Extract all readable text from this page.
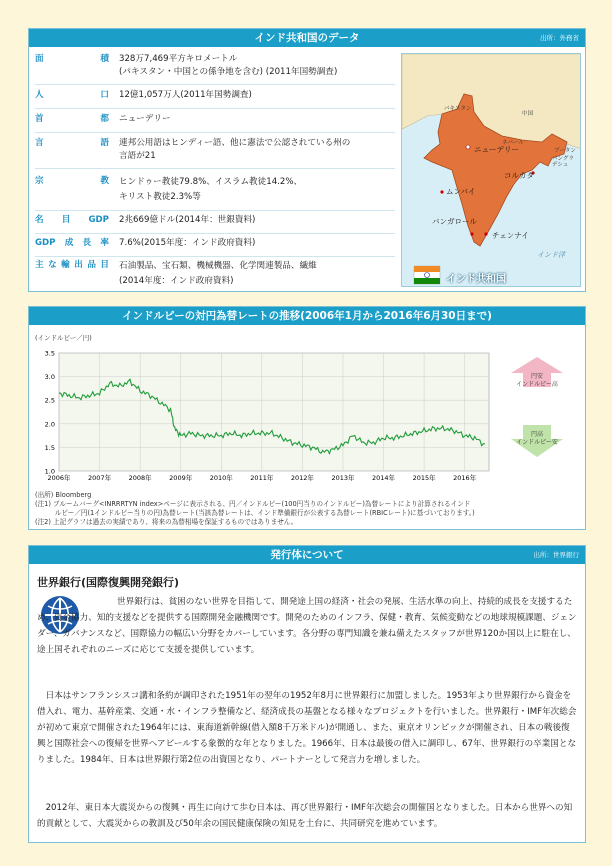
インド共和国のデータ	出所：外務省
面積 328万7,469平方キロメートル
(パキスタン・中国との係争地を含む) (2011年国勢調査)
人口 12億1,057万人(2011年国勢調査)
首都 ニューデリー
言語 連邦公用語はヒンディー語、他に憲法で公認されている州の
言語が21
宗教 ヒンドゥー教徒79.8%、イスラム教徒14.2%、
キリスト教徒2.3%等
名目GDP 2兆669億ドル(2014年：世銀資料)
GDP成長率 7.6%(2015年度：インド政府資料)
主な輸出品目 石油製品、宝石類、機械機器、化学関連製品、繊維
(2014年度：インド政府資料)
パキスタン
中国
ネパール
ブータン
バングラデシュ
ニューデリー
コルカタ
ムンバイ
バンガロール
チェンナイ
インド洋
インド共和国
インドルピーの対円為替レートの推移(2006年1月から2016年6月30日まで)
(インドルピー／円)
3.5
3.0
2.5
2.0
1.5
1.0
2006年	2007年	2008年	2009年	2010年	2011年	2012年	2013年	2014年	2015年	2016年
円安
インドルピー高
円高
インドルピー安
(出所) Bloomberg
(注1) ブルームバーグ<INRRRTYN index>ページに表示される、円／インドルピー(100円当りのインドルピー)為替レートにより計算されるインド
　　　ルピー／円(1インドルピー当りの円)為替レート(当該為替レートは、インド準備銀行が公表する為替レート(RBICレート)に基づいております。)
(注2) 上記グラフは過去の実績であり、将来の為替相場を保証するものではありません。
発行体について	出所：世界銀行
世界銀行(国際復興開発銀行)
世界銀行は、貧困のない世界を目指して、開発途上国の経済・社会の発展、生活水準の向上、持続的成長を支援するため、資金協力、知的支援などを提供する国際開発金融機関です。開発のためのインフラ、保健・教育、気候変動などの地球規模課題、ジェンダー、ガバナンスなど、国際協力の幅広い分野をカバーしています。各分野の専門知識を兼ね備えたスタッフが世界120か国以上に駐在し、途上国それぞれのニーズに応じて支援を提供しています。
日本はサンフランシスコ講和条約が調印された1951年の翌年の1952年8月に世界銀行に加盟しました。1953年より世界銀行から資金を借入れ、電力、基幹産業、交通・水・インフラ整備など、経済成長の基盤となる様々なプロジェクトを行いました。世界銀行・IMF年次総会が初めて東京で開催された1964年には、東海道新幹線(借入額8千万米ドル)が開通し、また、東京オリンピックが開催され、日本の戦後復興と国際社会への復帰を世界へアピールする象徴的な年となりました。1966年、日本は最後の借入に調印し、67年、世界銀行の卒業国となりました。1984年、日本は世界銀行第2位の出資国となり、パートナーとして発言力を増しました。
2012年、東日本大震災からの復興・再生に向けて歩む日本は、再び世界銀行・IMF年次総会の開催国となりました。日本から世界への知的貢献として、大震災からの教訓及び50年余の国民健康保険の知見を土台に、共同研究を進めています。
